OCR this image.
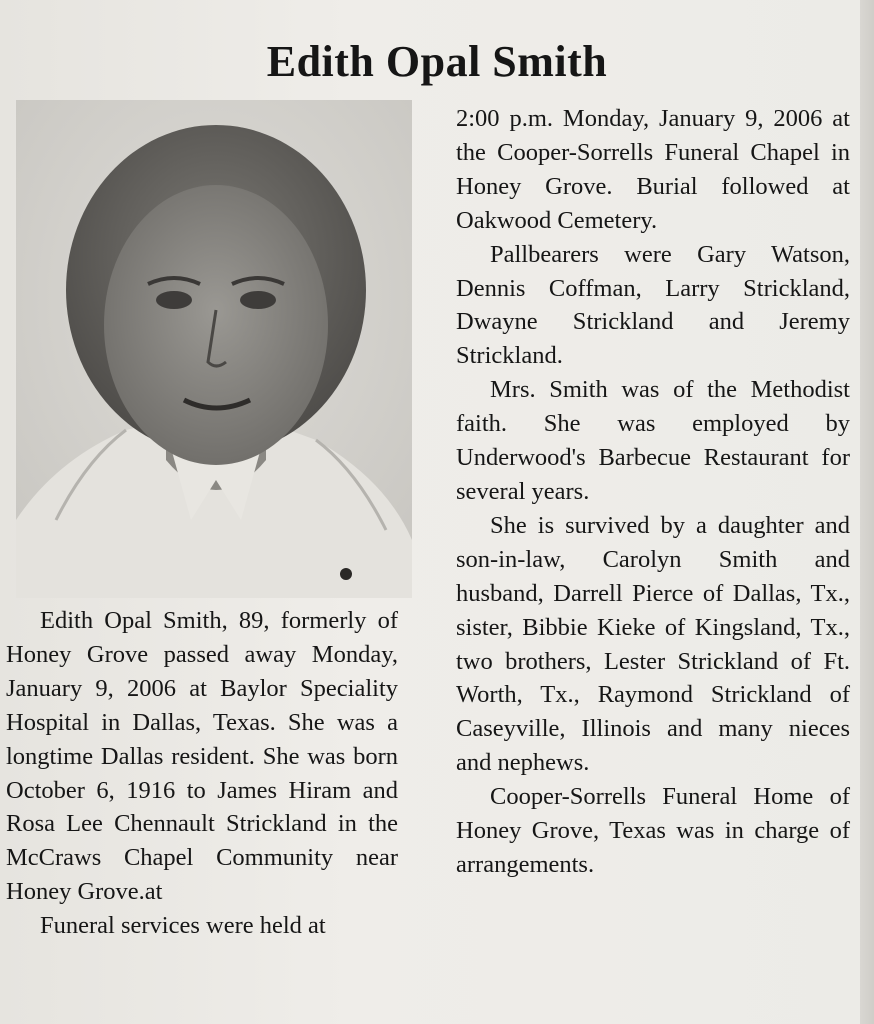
Edith Opal Smith

Edith Opal Smith, 89, formerly of Honey Grove passed away Monday, January 9, 2006 at Baylor Speciality Hospital in Dallas, Texas. She was a longtime Dallas resident. She was born October 6, 1916 to James Hiram and Rosa Lee Chennault Strickland in the McCraws Chapel Community near Honey Grove.at

Funeral services were held at

2:00 p.m. Monday, January 9, 2006 at the Cooper-Sorrells Funeral Chapel in Honey Grove. Burial followed at Oakwood Cemetery.

Pallbearers were Gary Watson, Dennis Coffman, Larry Strickland, Dwayne Strickland and Jeremy Strickland.

Mrs. Smith was of the Methodist faith. She was employed by Underwood's Barbecue Restaurant for several years.

She is survived by a daughter and son-in-law, Carolyn Smith and husband, Darrell Pierce of Dallas, Tx., sister, Bibbie Kieke of Kingsland, Tx., two brothers, Lester Strickland of Ft. Worth, Tx., Raymond Strickland of Caseyville, Illinois and many nieces and nephews.

Cooper-Sorrells Funeral Home of Honey Grove, Texas was in charge of arrangements.
